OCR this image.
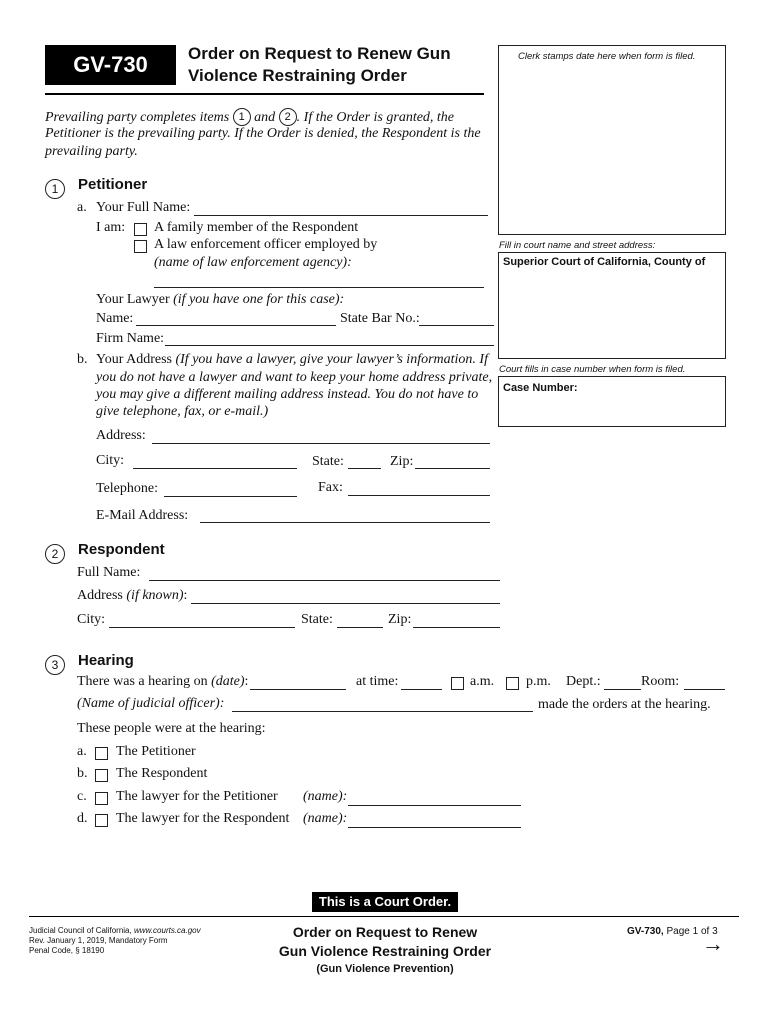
GV-730	Order on Request to Renew Gun
Violence Restraining Order
Prevailing party completes items 1 and 2 . If the Order is granted, the
Petitioner is the prevailing party. If the Order is denied, the Respondent is the
prevailing party.
Clerk stamps date here when form is filed.
Fill in court name and street address:
Superior Court of California, County of
Court fills in case number when form is filed.
Case Number:
1	Petitioner
a. Your Full Name:
I am: A family member of the Respondent
A law enforcement officer employed by
(name of law enforcement agency):
Your Lawyer (if you have one for this case):
Name:	State Bar No.:
Firm Name:
b. Your Address (If you have a lawyer, give your lawyer’s information. If
you do not have a lawyer and want to keep your home address private,
you may give a different mailing address instead. You do not have to
give telephone, fax, or e-mail.)
Address:
City:	State:	Zip:
Telephone:	Fax:
E-Mail Address:
2	Respondent
Full Name:
Address (if known):
City:	State:	Zip:
3	Hearing
There was a hearing on (date):	at time:	a.m. p.m. Dept.:	Room:
(Name of judicial officer):	made the orders at the hearing.
These people were at the hearing:
a. The Petitioner
b. The Respondent
c. The lawyer for the Petitioner (name):
d. The lawyer for the Respondent (name):
This is a Court Order.
Judicial Council of California, www.courts.ca.gov
Rev. January 1, 2019, Mandatory Form
Penal Code, § 18190
Order on Request to Renew
Gun Violence Restraining Order
(Gun Violence Prevention)
GV-730, Page 1 of 3
→
